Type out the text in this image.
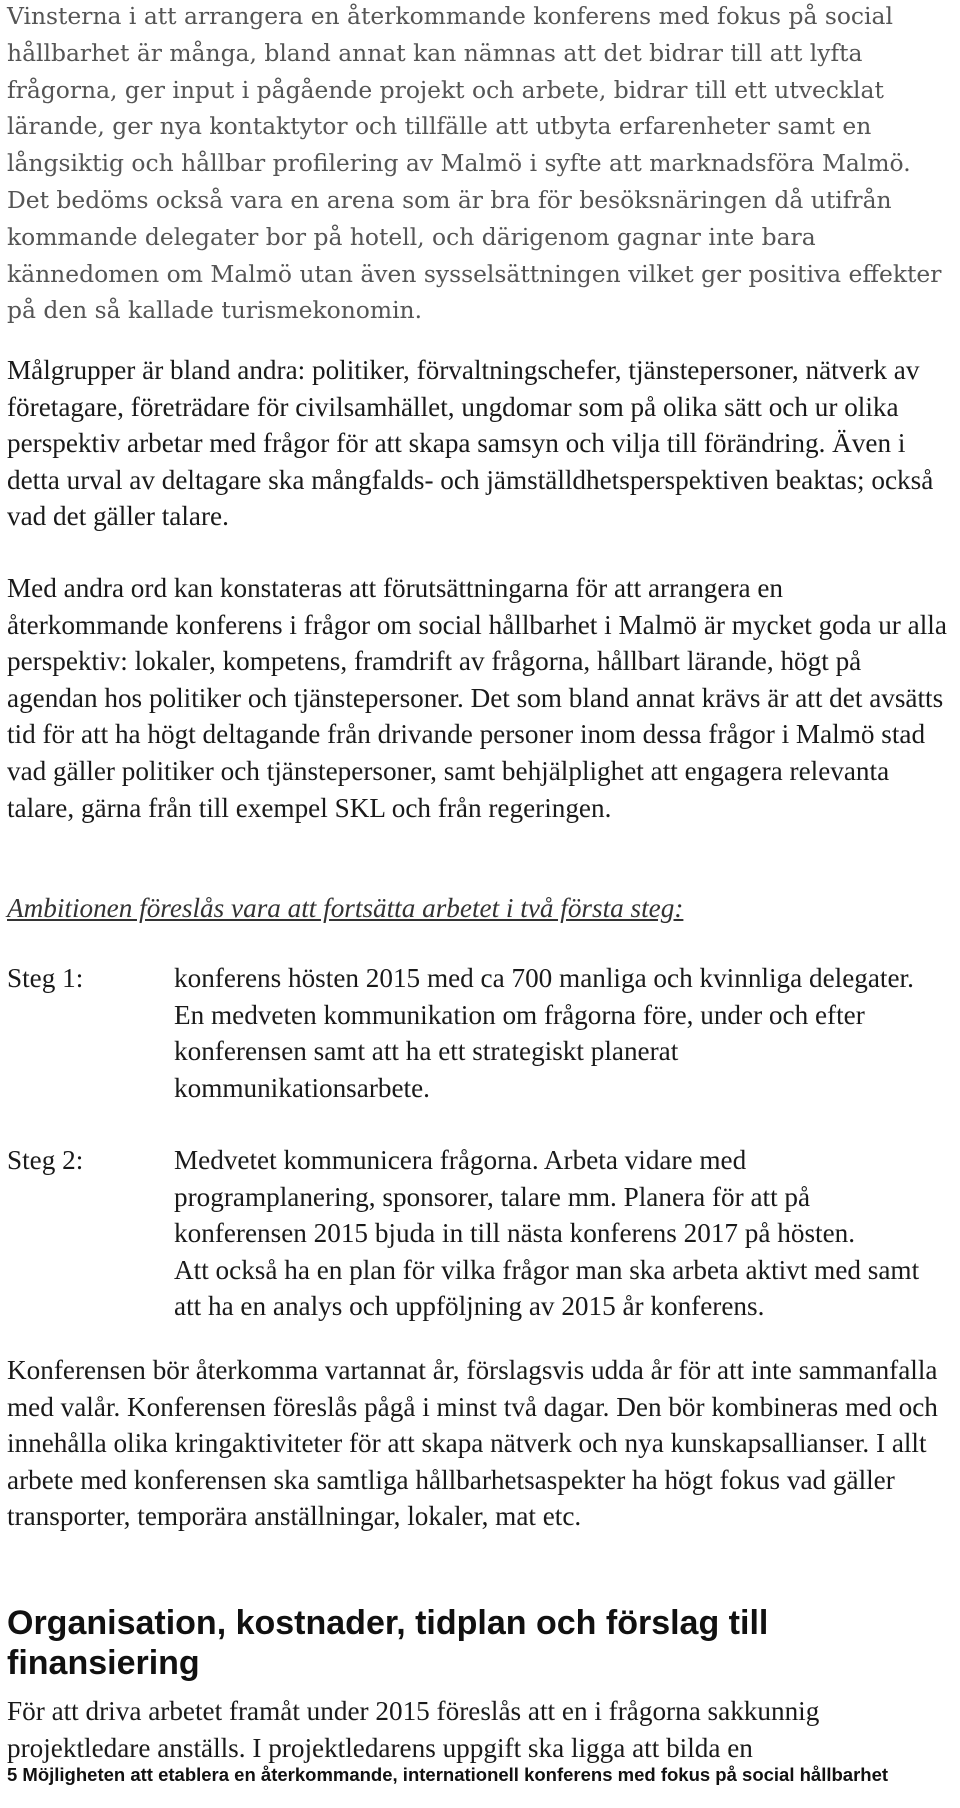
Vinsterna i att arrangera en återkommande konferens med fokus på social hållbarhet är många, bland annat kan nämnas att det bidrar till att lyfta frågorna, ger input i pågående projekt och arbete, bidrar till ett utvecklat lärande, ger nya kontaktytor och tillfälle att utbyta erfarenheter samt en långsiktig och hållbar profilering av Malmö i syfte att marknadsföra Malmö. Det bedöms också vara en arena som är bra för besöksnäringen då utifrån kommande delegater bor på hotell, och därigenom gagnar inte bara kännedomen om Malmö utan även sysselsättningen vilket ger positiva effekter på den så kallade turismekonomin.

Målgrupper är bland andra: politiker, förvaltningschefer, tjänstepersoner, nätverk av företagare, företrädare för civilsamhället, ungdomar som på olika sätt och ur olika perspektiv arbetar med frågor för att skapa samsyn och vilja till förändring. Även i detta urval av deltagare ska mångfalds- och jämställdhetsperspektiven beaktas; också vad det gäller talare.

Med andra ord kan konstateras att förutsättningarna för att arrangera en återkommande konferens i frågor om social hållbarhet i Malmö är mycket goda ur alla perspektiv: lokaler, kompetens, framdrift av frågorna, hållbart lärande, högt på agendan hos politiker och tjänstepersoner. Det som bland annat krävs är att det avsätts tid för att ha högt deltagande från drivande personer inom dessa frågor i Malmö stad vad gäller politiker och tjänstepersoner, samt behjälplighet att engagera relevanta talare, gärna från till exempel SKL och från regeringen.

Ambitionen föreslås vara att fortsätta arbetet i två första steg:

Steg 1:	konferens hösten 2015 med ca 700 manliga och kvinnliga delegater. En medveten kommunikation om frågorna före, under och efter konferensen samt att ha ett strategiskt planerat kommunikationsarbete.
Steg 2:	Medvetet kommunicera frågorna. Arbeta vidare med programplanering, sponsorer, talare mm. Planera för att på konferensen 2015 bjuda in till nästa konferens 2017 på hösten.
Att också ha en plan för vilka frågor man ska arbeta aktivt med samt att ha en analys och uppföljning av 2015 år konferens.

Konferensen bör återkomma vartannat år, förslagsvis udda år för att inte sammanfalla med valår. Konferensen föreslås pågå i minst två dagar. Den bör kombineras med och innehålla olika kringaktiviteter för att skapa nätverk och nya kunskapsallianser. I allt arbete med konferensen ska samtliga hållbarhetsaspekter ha högt fokus vad gäller transporter, temporära anställningar, lokaler, mat etc.

Organisation, kostnader, tidplan och förslag till finansiering

För att driva arbetet framåt under 2015 föreslås att en i frågorna sakkunnig projektledare anställs. I projektledarens uppgift ska ligga att bilda en

5 Möjligheten att etablera en återkommande, internationell konferens med fokus på social hållbarhet
